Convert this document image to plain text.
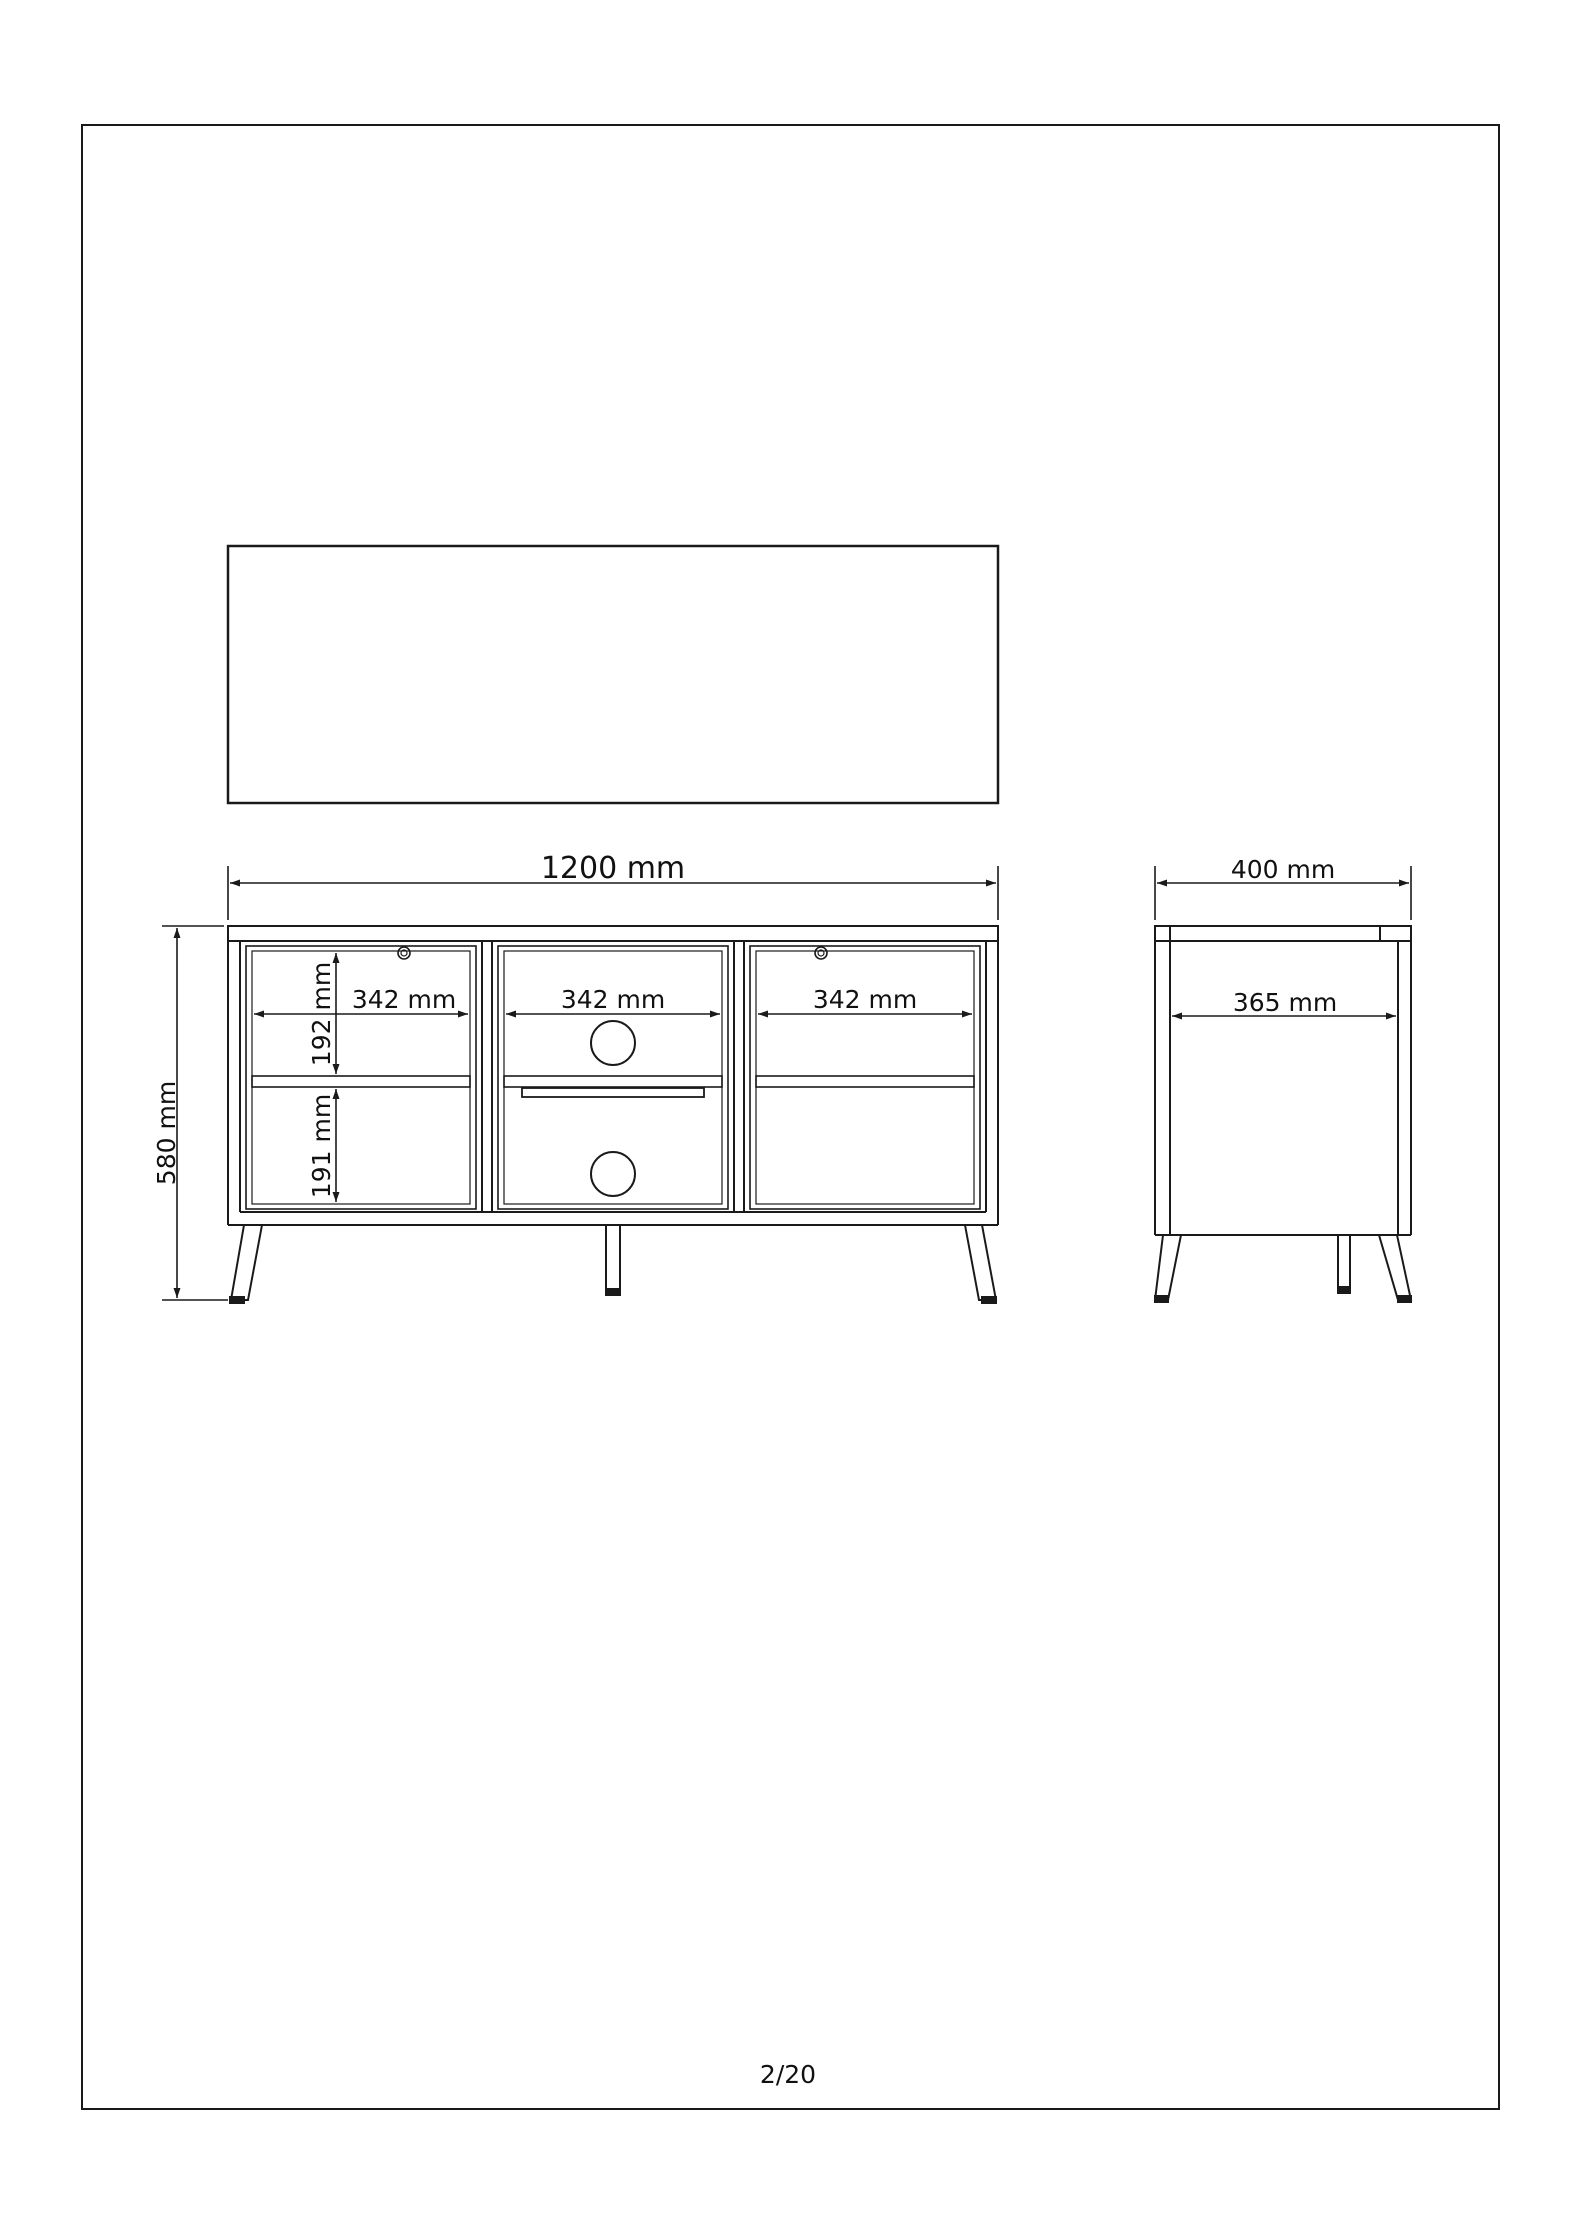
1200 mm
580 mm
342 mm	342 mm	342 mm
192 mm
191 mm
400 mm
365 mm
2/20
